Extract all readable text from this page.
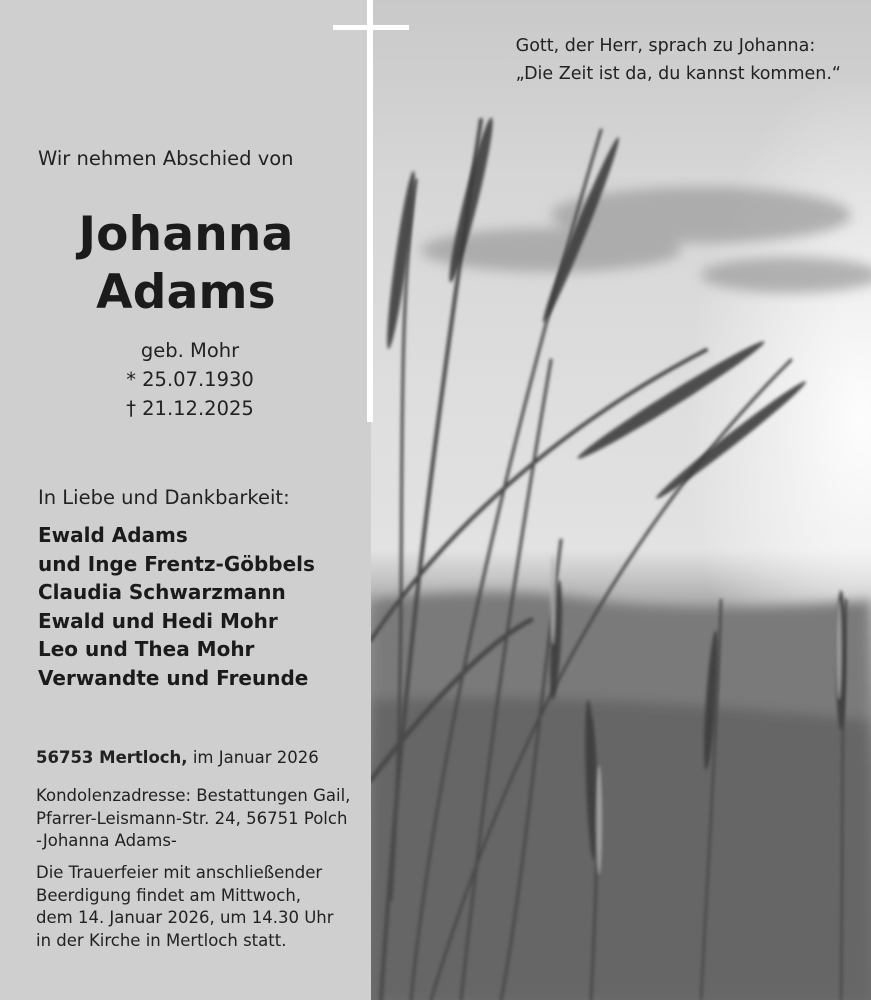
Wir nehmen Abschied von

Johanna
Adams
geb. Mohr
* 25.07.1930
† 21.12.2025

In Liebe und Dankbarkeit:

Ewald Adams
und Inge Frentz-Göbbels
Claudia Schwarzmann
Ewald und Hedi Mohr
Leo und Thea Mohr
Verwandte und Freunde

56753 Mertloch, im Januar 2026

Kondolenzadresse: Bestattungen Gail,
Pfarrer-Leismann-Str. 24, 56751 Polch
-Johanna Adams-
Die Trauerfeier mit anschließender
Beerdigung findet am Mittwoch,
dem 14. Januar 2026, um 14.30 Uhr
in der Kirche in Mertloch statt.
Gott, der Herr, sprach zu Johanna:
„Die Zeit ist da, du kannst kommen.“
